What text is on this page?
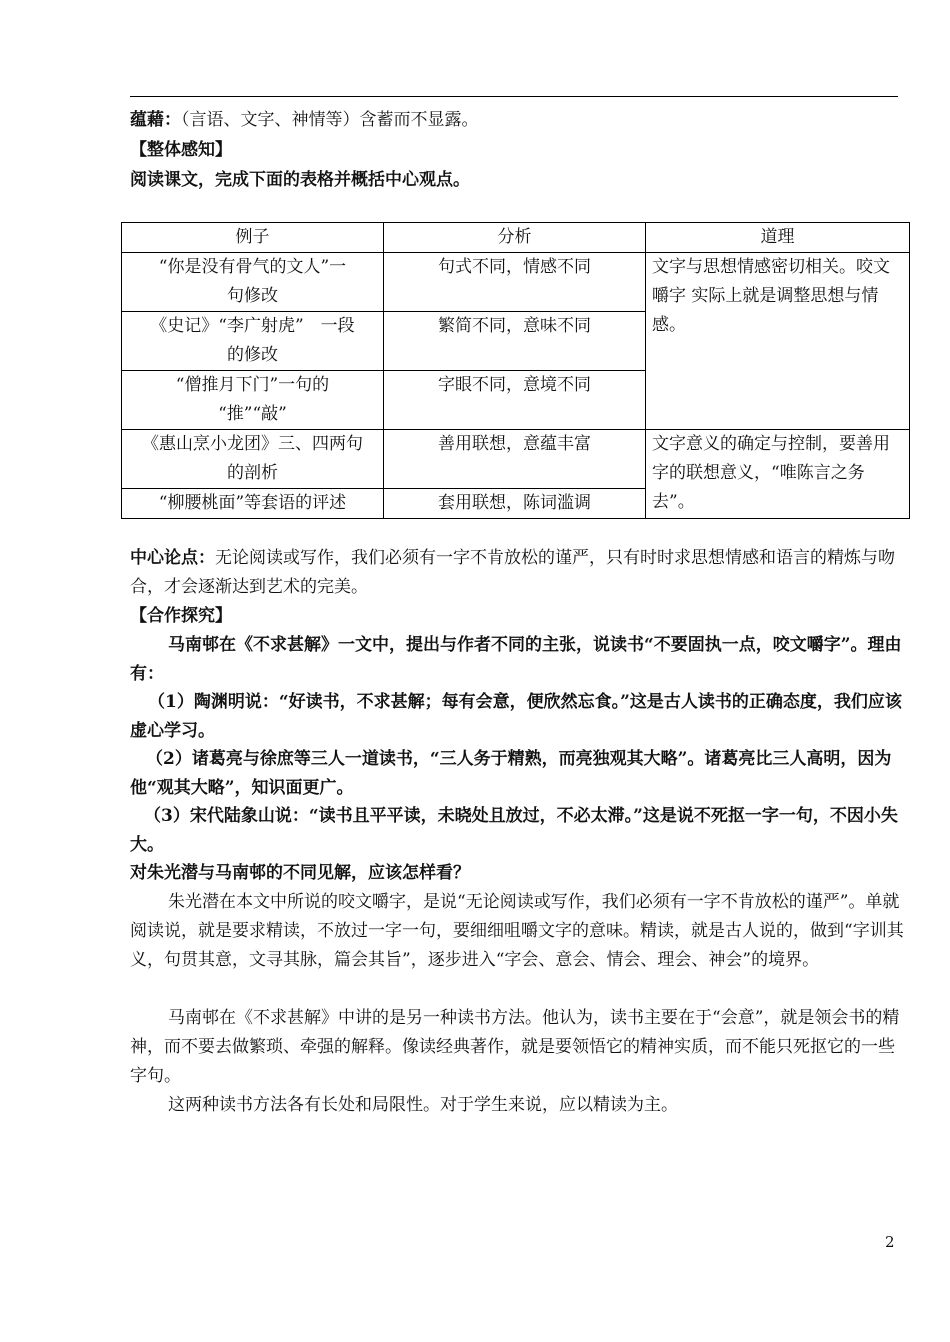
蕴藉：（言语、文字、神情等）含蓄而不显露。
【整体感知】
阅读课文，完成下面的表格并概括中心观点。
例子	分析	道理
“你是没有骨气的文人”一
句修改	句式不同，情感不同	文字与思想情感密切相关。咬文嚼字 实际上就是调整思想与情感。
《史记》“李广射虎”　一段
的修改	繁简不同，意味不同	
“僧推月下门”一句的
“推”“敲”	字眼不同，意境不同	
《惠山烹小龙团》三、四两句
的剖析	善用联想，意蕴丰富	文字意义的确定与控制，要善用字的联想意义，“唯陈言之务去”。
“柳腰桃面”等套语的评述	套用联想，陈词滥调	
中心论点：无论阅读或写作，我们必须有一字不肯放松的谨严，只有时时求思想情感和语言的精炼与吻合，才会逐渐达到艺术的完美。
【合作探究】
马南邨在《不求甚解》一文中，提出与作者不同的主张，说读书“不要固执一点，咬文嚼字”。理由有：
（1）陶渊明说：“好读书，不求甚解；每有会意，便欣然忘食。”这是古人读书的正确态度，我们应该虚心学习。
（2）诸葛亮与徐庶等三人一道读书，“三人务于精熟，而亮独观其大略”。诸葛亮比三人高明，因为他“观其大略”，知识面更广。
（3）宋代陆象山说：“读书且平平读，未晓处且放过，不必太滞。”这是说不死抠一字一句，不因小失大。
对朱光潜与马南邨的不同见解，应该怎样看？
朱光潜在本文中所说的咬文嚼字，是说“无论阅读或写作，我们必须有一字不肯放松的谨严”。单就阅读说，就是要求精读，不放过一字一句，要细细咀嚼文字的意味。精读，就是古人说的，做到“字训其义，句贯其意，文寻其脉，篇会其旨”，逐步进入“字会、意会、情会、理会、神会”的境界。
马南邨在《不求甚解》中讲的是另一种读书方法。他认为，读书主要在于“会意”，就是领会书的精神，而不要去做繁琐、牵强的解释。像读经典著作，就是要领悟它的精神实质，而不能只死抠它的一些字句。
这两种读书方法各有长处和局限性。对于学生来说，应以精读为主。
2
